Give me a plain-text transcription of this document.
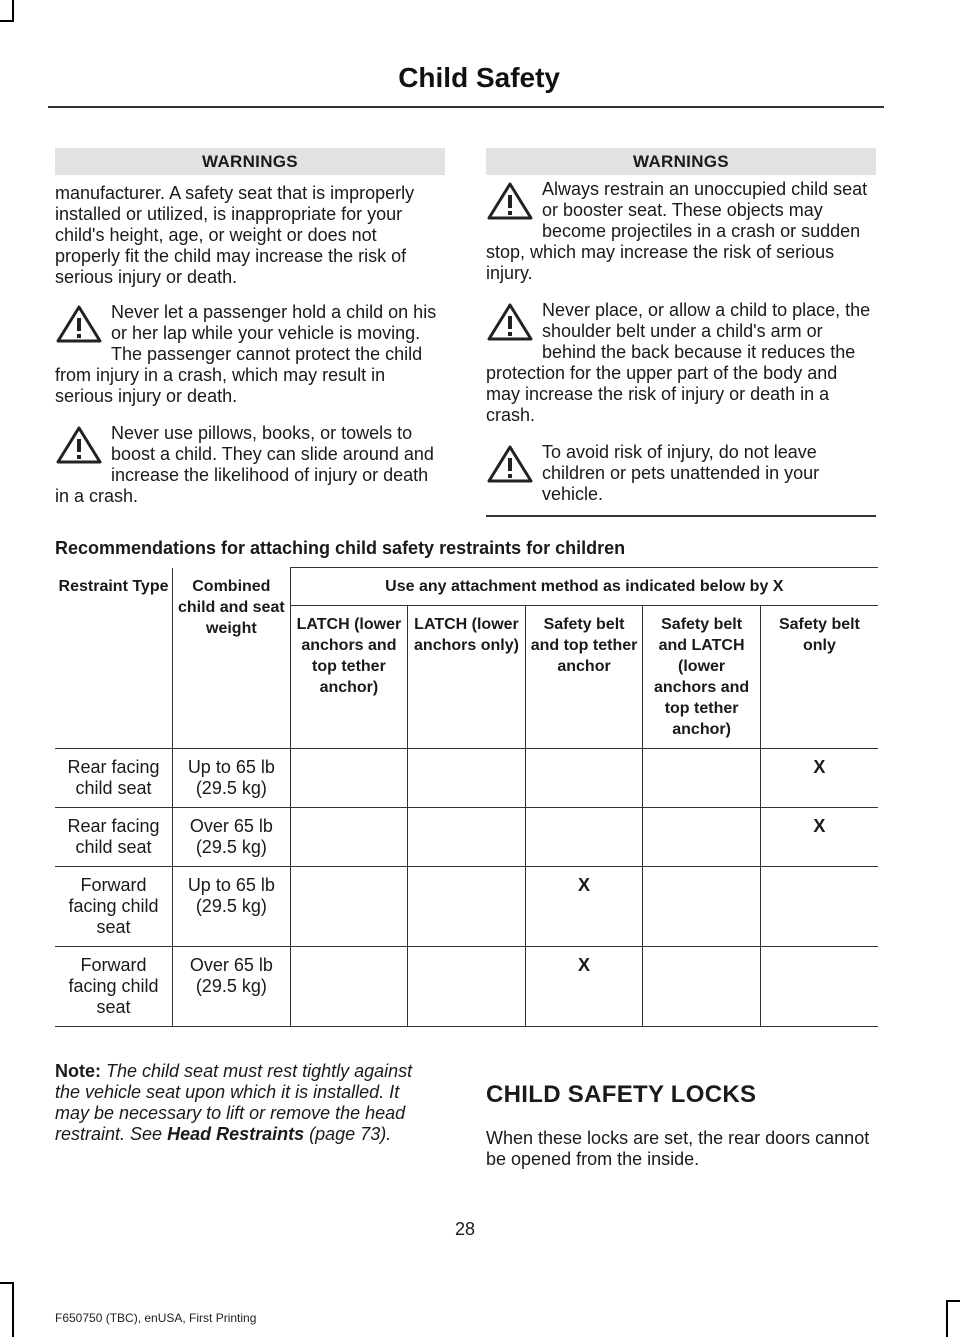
Child Safety
WARNINGS

manufacturer. A safety seat that is improperly installed or utilized, is inappropriate for your child's height, age, or weight or does not properly fit the child may increase the risk of serious injury or death.

Never let a passenger hold a child on his or her lap while your vehicle is moving. The passenger cannot protect the child from injury in a crash, which may result in serious injury or death.
Never use pillows, books, or towels to boost a child. They can slide around and increase the likelihood of injury or death in a crash.
WARNINGS
Always restrain an unoccupied child seat or booster seat. These objects may become projectiles in a crash or sudden stop, which may increase the risk of serious injury.
Never place, or allow a child to place, the shoulder belt under a child's arm or behind the back because it reduces the protection for the upper part of the body and may increase the risk of injury or death in a crash.
To avoid risk of injury, do not leave children or pets unattended in your vehicle.
Recommendations for attaching child safety restraints for children
Restraint Type	Combined child and seat weight	Use any attachment method as indicated below by X				
		LATCH (lower anchors and top tether anchor)	LATCH (lower anchors only)	Safety belt and top tether anchor	Safety belt and LATCH (lower anchors and top tether anchor)	Safety belt only
Rear facing child seat	Up to 65 lb (29.5 kg)					X
Rear facing child seat	Over 65 lb (29.5 kg)					X
Forward facing child seat	Up to 65 lb (29.5 kg)			X		
Forward facing child seat	Over 65 lb (29.5 kg)			X		
Note: The child seat must rest tightly against the vehicle seat upon which it is installed. It may be necessary to lift or remove the head restraint. See Head Restraints (page 73).
CHILD SAFETY LOCKS
When these locks are set, the rear doors cannot be opened from the inside.
28
F650750 (TBC), enUSA, First Printing
